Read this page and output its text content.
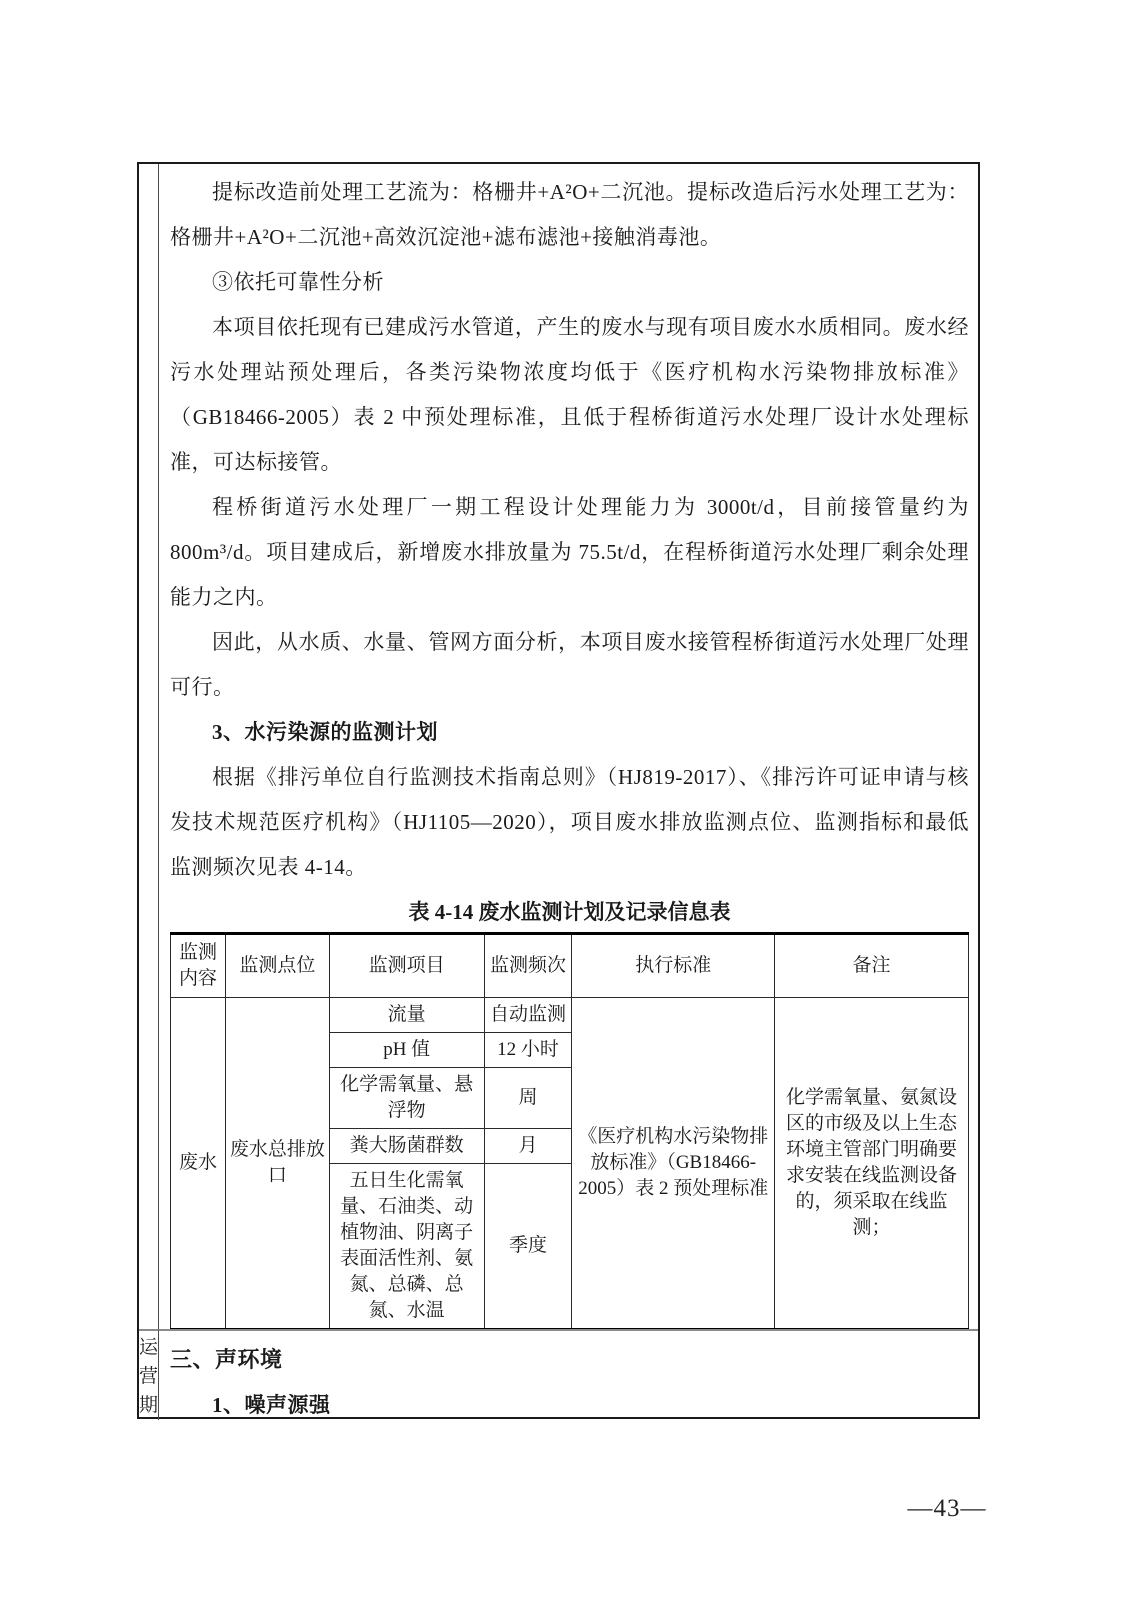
提标改造前处理工艺流为：格栅井+A²O+二沉池。提标改造后污水处理工艺为：格栅井+A²O+二沉池+高效沉淀池+滤布滤池+接触消毒池。

③依托可靠性分析

本项目依托现有已建成污水管道，产生的废水与现有项目废水水质相同。废水经污水处理站预处理后，各类污染物浓度均低于《医疗机构水污染物排放标准》（GB18466-2005）表 2 中预处理标准，且低于程桥街道污水处理厂设计水处理标准，可达标接管。

程桥街道污水处理厂一期工程设计处理能力为 3000t/d，目前接管量约为 800m³/d。项目建成后，新增废水排放量为 75.5t/d，在程桥街道污水处理厂剩余处理能力之内。

因此，从水质、水量、管网方面分析，本项目废水接管程桥街道污水处理厂处理可行。

3、水污染源的监测计划

根据《排污单位自行监测技术指南总则》（HJ819-2017）、《排污许可证申请与核发技术规范医疗机构》（HJ1105—2020），项目废水排放监测点位、监测指标和最低监测频次见表 4-14。

表 4-14 废水监测计划及记录信息表

监测内容	监测点位	监测项目	监测频次	执行标准	备注
废水	废水总排放口	流量	自动监测	《医疗机构水污染物排放标准》（GB18466-2005）表 2 预处理标准	化学需氧量、氨氮设区的市级及以上生态环境主管部门明确要求安装在线监测设备的，须采取在线监测；
		pH 值	12 小时		
		化学需氧量、悬浮物	周		
		粪大肠菌群数	月		
		五日生化需氧量、石油类、动植物油、阴离子表面活性剂、氨氮、总磷、总氮、水温	季度		
运营期
三、声环境
1、噪声源强
—43—
